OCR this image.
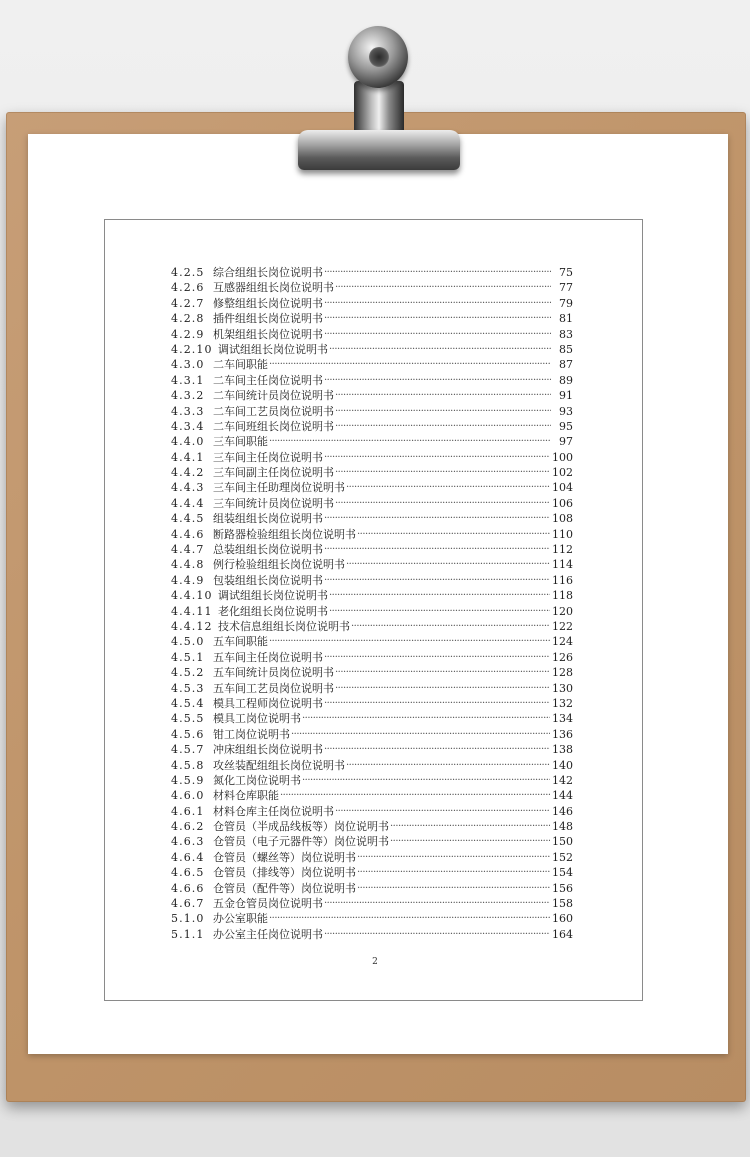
4.2.5 综合组组长岗位说明书 ·····	75
4.2.6 互感器组组长岗位说明书 ·····	77
4.2.7 修整组组长岗位说明书 ·····	79
4.2.8 插件组组长岗位说明书 ·····	81
4.2.9 机架组组长岗位说明书 ·····	83
4.2.10 调试组组长岗位说明书 ·····	85
4.3.0 二车间职能 ·····	87
4.3.1 二车间主任岗位说明书 ·····	89
4.3.2 二车间统计员岗位说明书 ·····	91
4.3.3 二车间工艺员岗位说明书 ·····	93
4.3.4 二车间班组长岗位说明书 ·····	95
4.4.0 三车间职能 ·····	97
4.4.1 三车间主任岗位说明书 ·····	100
4.4.2 三车间副主任岗位说明书 ·····	102
4.4.3 三车间主任助理岗位说明书 ·····	104
4.4.4 三车间统计员岗位说明书 ·····	106
4.4.5 组装组组长岗位说明书 ·····	108
4.4.6 断路器检验组组长岗位说明书 ·····	110
4.4.7 总装组组长岗位说明书 ·····	112
4.4.8 例行检验组组长岗位说明书 ·····	114
4.4.9 包装组组长岗位说明书 ·····	116
4.4.10 调试组组长岗位说明书 ·····	118
4.4.11 老化组组长岗位说明书 ·····	120
4.4.12 技术信息组组长岗位说明书 ·····	122
4.5.0 五车间职能 ·····	124
4.5.1 五车间主任岗位说明书 ·····	126
4.5.2 五车间统计员岗位说明书 ·····	128
4.5.3 五车间工艺员岗位说明书 ·····	130
4.5.4 模具工程师岗位说明书 ·····	132
4.5.5 模具工岗位说明书 ·····	134
4.5.6 钳工岗位说明书 ·····	136
4.5.7 冲床组组长岗位说明书 ·····	138
4.5.8 攻丝装配组组长岗位说明书 ·····	140
4.5.9 氮化工岗位说明书 ·····	142
4.6.0 材料仓库职能 ·····	144
4.6.1 材料仓库主任岗位说明书 ·····	146
4.6.2 仓管员（半成品线板等）岗位说明书 ·····	148
4.6.3 仓管员（电子元器件等）岗位说明书 ·····	150
4.6.4 仓管员（螺丝等）岗位说明书 ·····	152
4.6.5 仓管员（排线等）岗位说明书 ·····	154
4.6.6 仓管员（配件等）岗位说明书 ·····	156
4.6.7 五金仓管员岗位说明书 ·····	158
5.1.0 办公室职能 ·····	160
5.1.1 办公室主任岗位说明书 ·····	164
2
